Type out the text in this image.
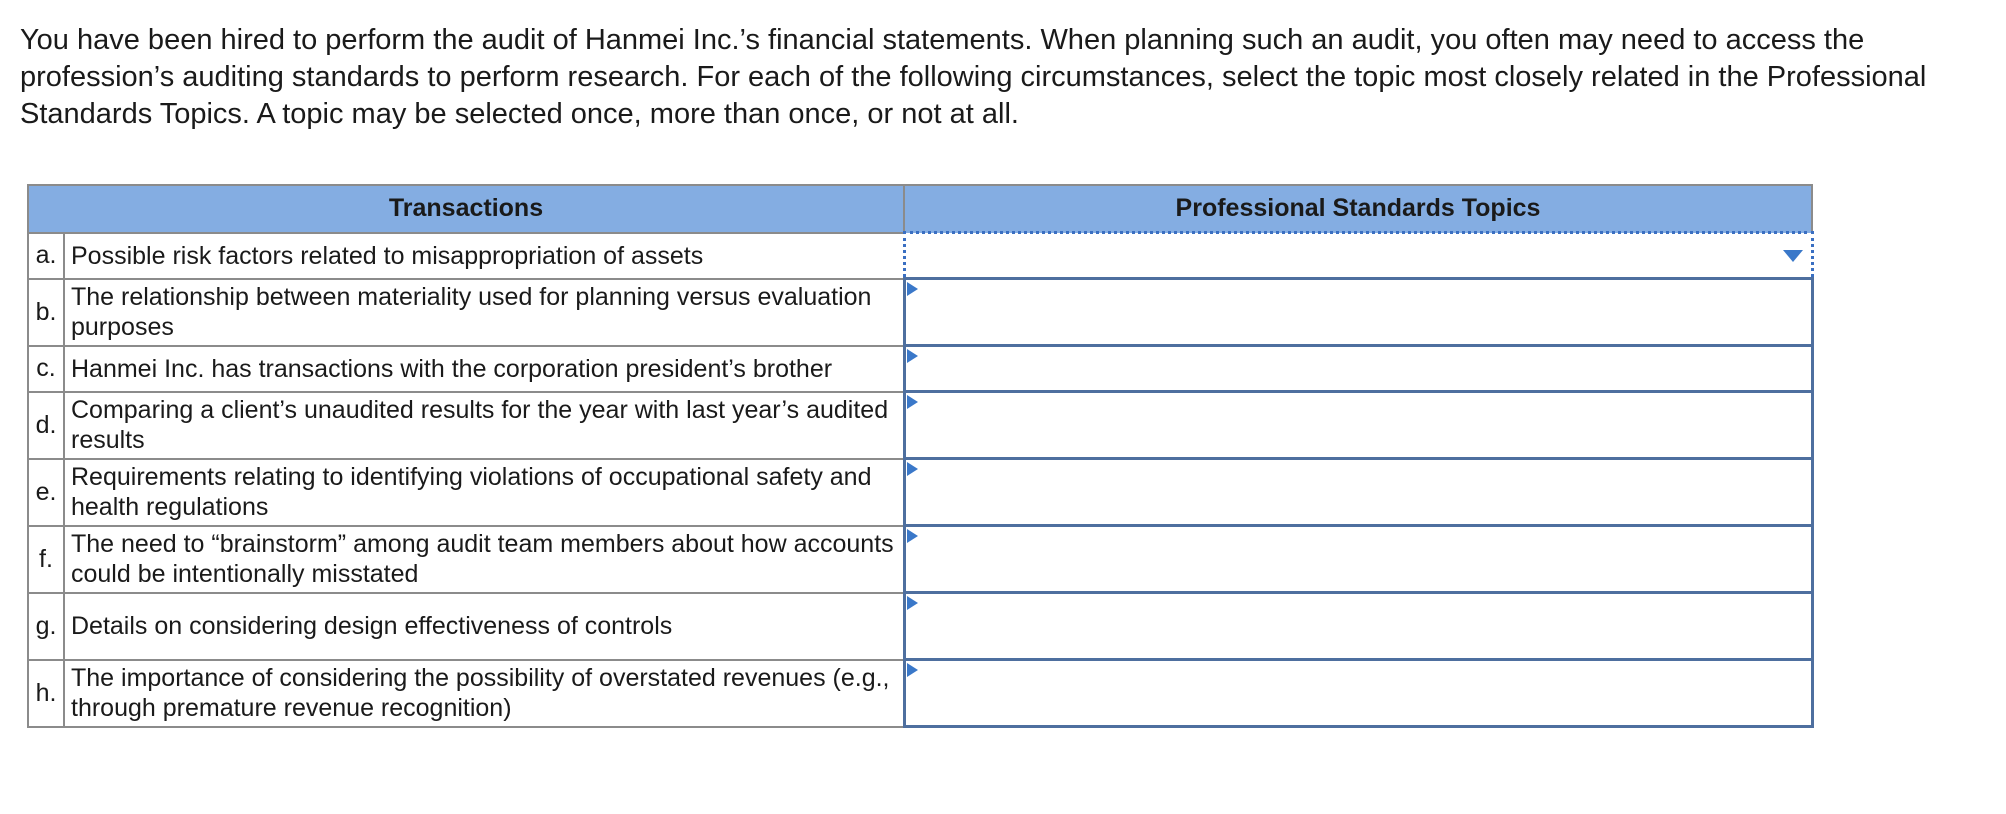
You have been hired to perform the audit of Hanmei Inc.’s financial statements. When planning such an audit, you often may need to access the profession’s auditing standards to perform research. For each of the following circumstances, select the topic most closely related in the Professional Standards Topics. A topic may be selected once, more than once, or not at all.

Transactions		Professional Standards Topics
a.	Possible risk factors related to misappropriation of assets	

b.	The relationship between materiality used for planning versus evaluation purposes	

c.	Hanmei Inc. has transactions with the corporation president’s brother	

d.	Comparing a client’s unaudited results for the year with last year’s audited results	

e.	Requirements relating to identifying violations of occupational safety and health regulations	

f.	The need to “brainstorm” among audit team members about how accounts could be intentionally misstated	

g.	Details on considering design effectiveness of controls	

h.	The importance of considering the possibility of overstated revenues (e.g., through premature revenue recognition)	
